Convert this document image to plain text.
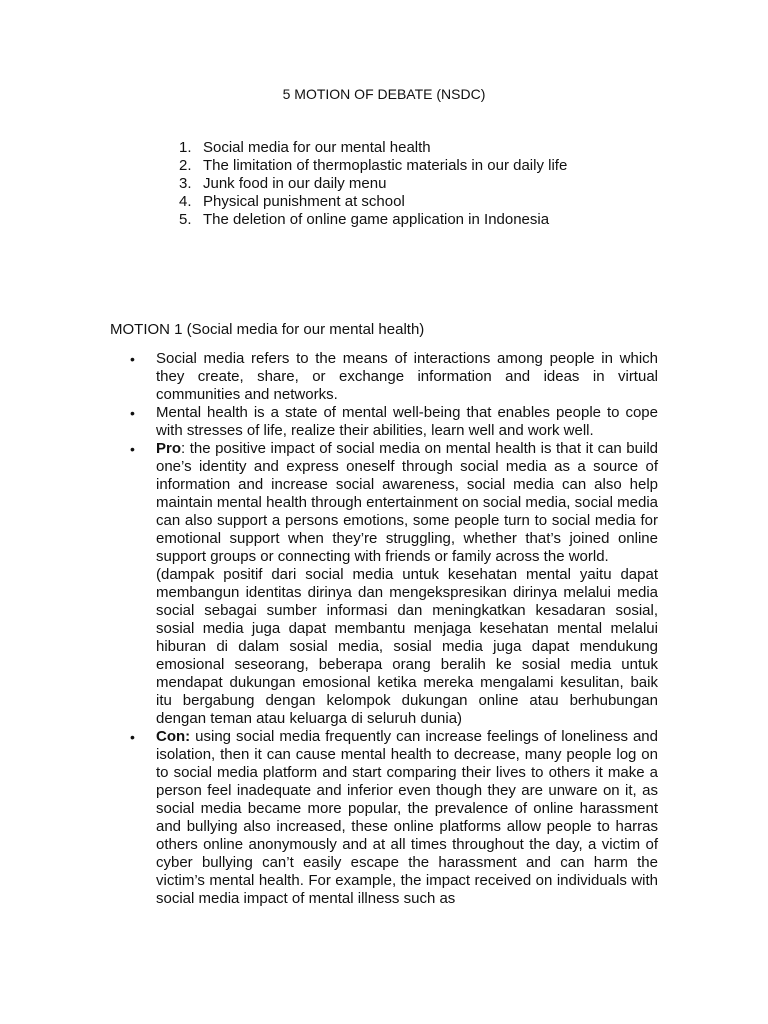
5 MOTION OF DEBATE (NSDC)
1. Social media for our mental health
2. The limitation of thermoplastic materials in our daily life
3. Junk food in our daily menu
4. Physical punishment at school
5. The deletion of online game application in Indonesia
MOTION 1 (Social media for our mental health)
•	Social media refers to the means of interactions among people in which they create, share, or exchange information and ideas in virtual communities and networks.

•	Mental health is a state of mental well-being that enables people to cope with stresses of life, realize their abilities, learn well and work well.

•	Pro: the positive impact of social media on mental health is that it can build one’s identity and express oneself through social media as a source of information and increase social awareness, social media can also help maintain mental health through entertainment on social media, social media can also support a persons emotions, some people turn to social media for emotional support when they’re struggling, whether that’s joined online support groups or connecting with friends or family across the world.

(dampak positif dari social media untuk kesehatan mental yaitu dapat membangun identitas dirinya dan mengekspresikan dirinya melalui media social sebagai sumber informasi dan meningkatkan kesadaran sosial, sosial media juga dapat membantu menjaga kesehatan mental melalui hiburan di dalam sosial media, sosial media juga dapat mendukung emosional seseorang, beberapa orang beralih ke sosial media untuk mendapat dukungan emosional ketika mereka mengalami kesulitan, baik itu bergabung dengan kelompok dukungan online atau berhubungan dengan teman atau keluarga di seluruh dunia)

•	Con: using social media frequently can increase feelings of loneliness and isolation, then it can cause mental health to decrease, many people log on to social media platform and start comparing their lives to others it make a person feel inadequate and inferior even though they are unware on it, as social media became more popular, the prevalence of online harassment and bullying also increased, these online platforms allow people to harras others online anonymously and at all times throughout the day, a victim of cyber bullying can’t easily escape the harassment and can harm the victim’s mental health. For example, the impact received on individuals with social media impact of mental illness such as
